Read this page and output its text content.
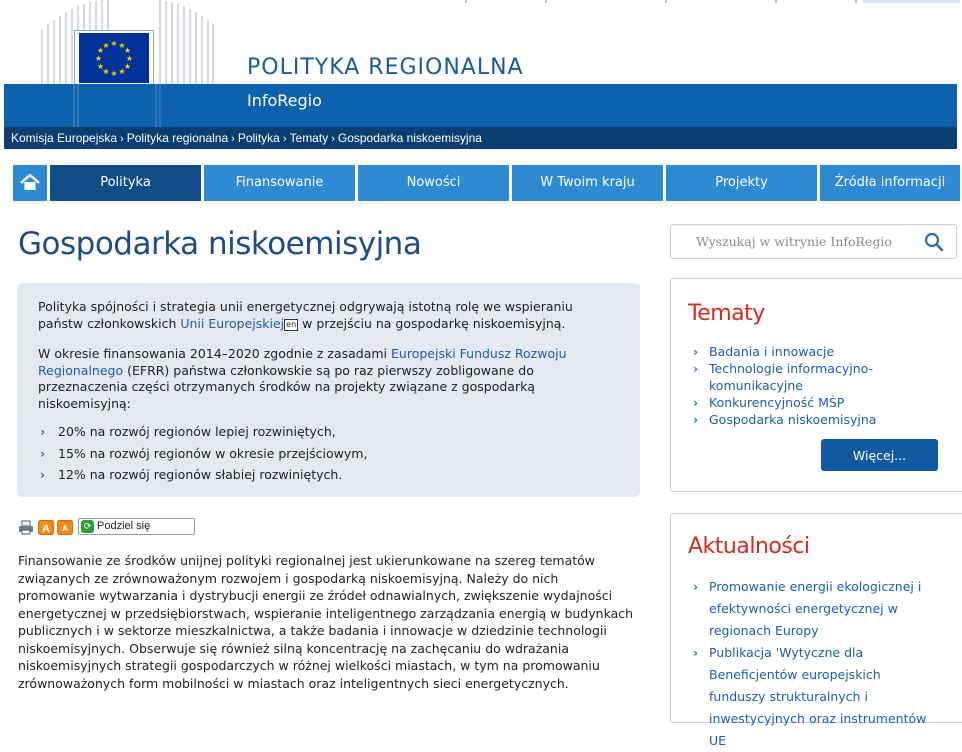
★ ★
★
★
★
★
★
★
★
★
★
★
POLITYKA REGIONALNA
InfoRegio
Komisja Europejska › Polityka regionalna › Polityka › Tematy › Gospodarka niskoemisyjna
Polityka	Finansowanie	Nowości	W Twoim kraju	Projekty	Źródła informacji
Gospodarka niskoemisyjna

Polityka spójności i strategia unii energetycznej odgrywają istotną rolę we wspieraniu państw członkowskich Unii Europejskiej en w przejściu na gospodarkę niskoemisyjną.

W okresie finansowania 2014–2020 zgodnie z zasadami Europejski Fundusz Rozwoju Regionalnego (EFRR) państwa członkowskie są po raz pierwszy zobligowane do przeznaczenia części otrzymanych środków na projekty związane z gospodarką niskoemisyjną:

› 20% na rozwój regionów lepiej rozwiniętych,
› 15% na rozwój regionów w okresie przejściowym,
› 12% na rozwój regionów słabiej rozwiniętych.
A A	⟳ Podziel się

Finansowanie ze środków unijnej polityki regionalnej jest ukierunkowane na szereg tematów związanych ze zrównoważonym rozwojem i gospodarką niskoemisyjną. Należy do nich promowanie wytwarzania i dystrybucji energii ze źródeł odnawialnych, zwiększenie wydajności energetycznej w przedsiębiorstwach, wspieranie inteligentnego zarządzania energią w budynkach publicznych i w sektorze mieszkalnictwa, a także badania i innowacje w dziedzinie technologii niskoemisyjnych. Obserwuje się również silną koncentrację na zachęcaniu do wdrażania niskoemisyjnych strategii gospodarczych w różnej wielkości miastach, w tym na promowaniu zrównoważonych form mobilności w miastach oraz inteligentnych sieci energetycznych.

Wyszukaj w witrynie InfoRegio
Tematy
› Badania i innowacje
› Technologie informacyjno-komunikacyjne
› Konkurencyjność MŚP
› Gospodarka niskoemisyjna
Więcej...
Aktualności
› Promowanie energii ekologicznej i efektywności energetycznej w regionach Europy
› Publikacja 'Wytyczne dla Beneficjentów europejskich funduszy strukturalnych i inwestycyjnych oraz instrumentów UE
